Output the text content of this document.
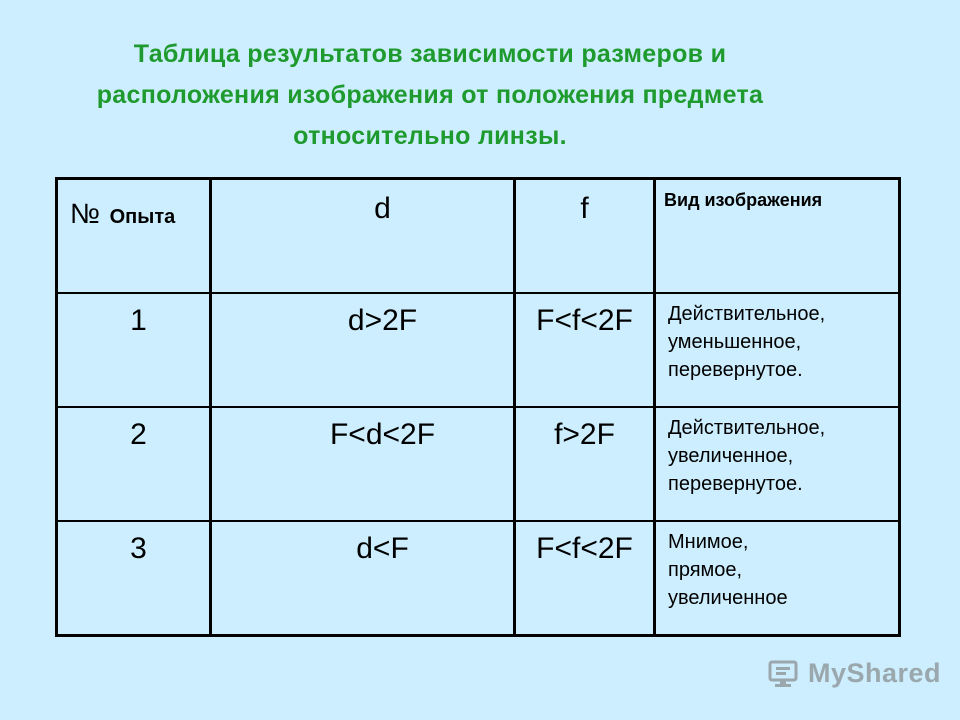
Таблица результатов зависимости размеров и
расположения изображения от положения предмета
относительно линзы.
№ Опыта	d	f	Вид изображения

1	d>2F	F<f<2F	Действительное,
уменьшенное,
перевернутое.

2	F<d<2F	f>2F	Действительное,
увеличенное,
перевернутое.

3	d<F	F<f<2F	Мнимое,
прямое,
увеличенное
MyShared
